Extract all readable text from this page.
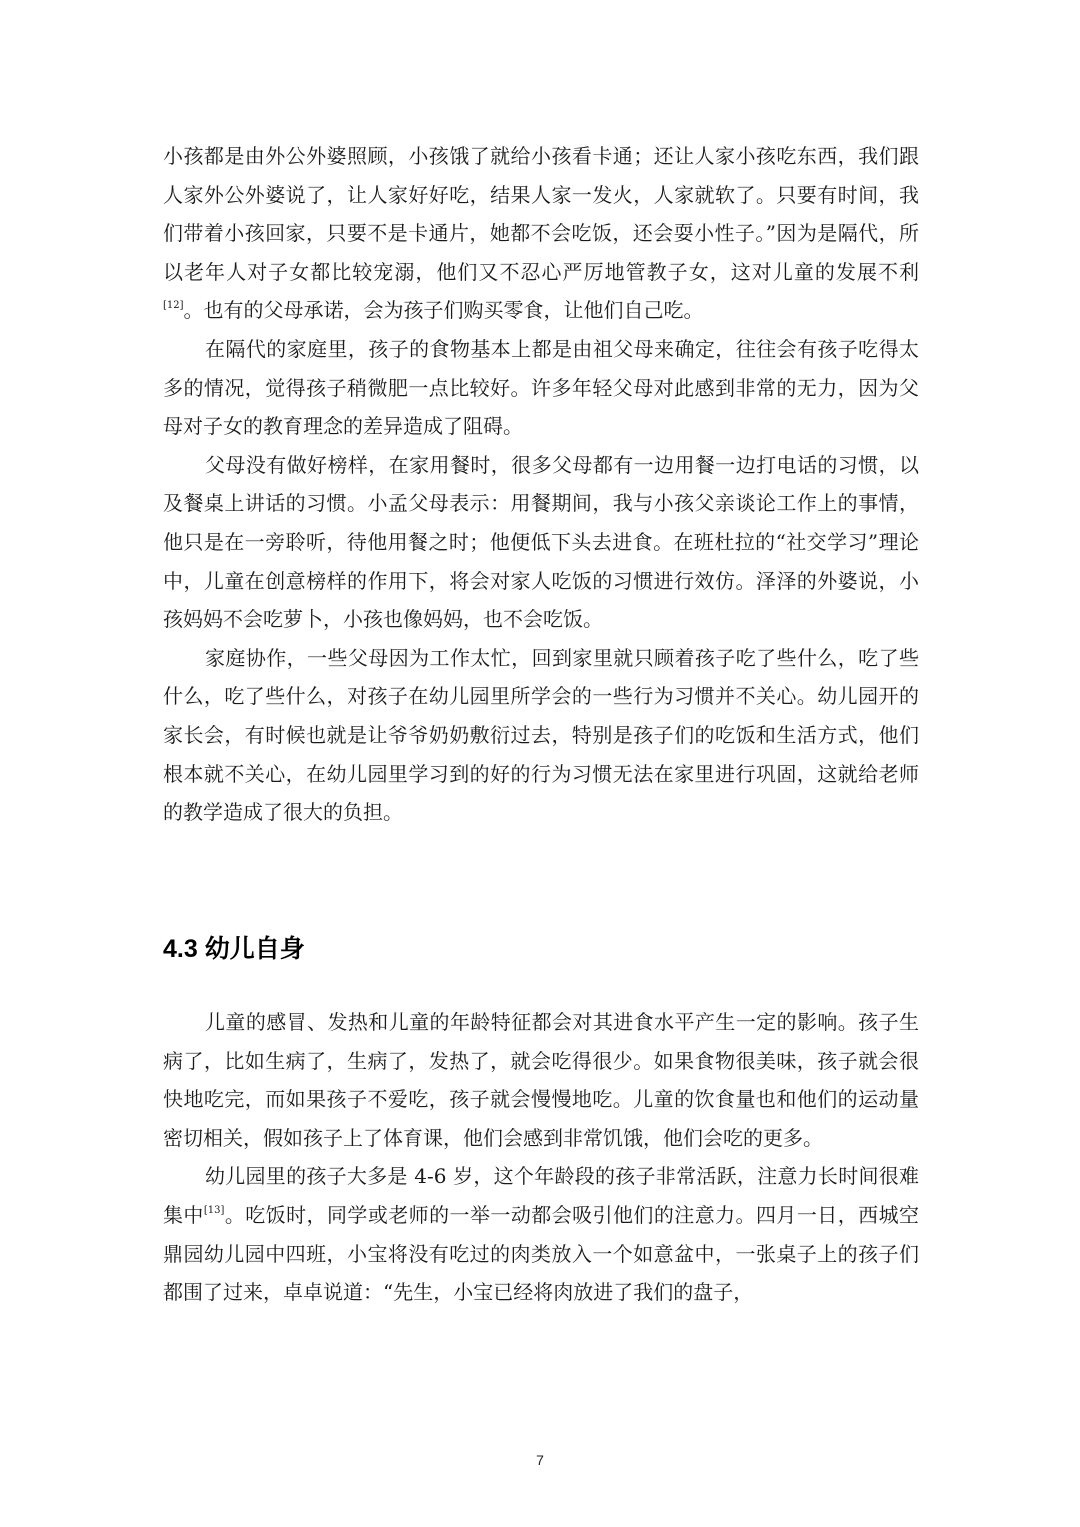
小孩都是由外公外婆照顾，小孩饿了就给小孩看卡通；还让人家小孩吃东西，我们跟人家外公外婆说了，让人家好好吃，结果人家一发火，人家就软了。只要有时间，我们带着小孩回家，只要不是卡通片，她都不会吃饭，还会耍小性子。”因为是隔代，所以老年人对子女都比较宠溺，他们又不忍心严厉地管教子女，这对儿童的发展不利[12]。也有的父母承诺，会为孩子们购买零食，让他们自己吃。

在隔代的家庭里，孩子的食物基本上都是由祖父母来确定，往往会有孩子吃得太多的情况，觉得孩子稍微肥一点比较好。许多年轻父母对此感到非常的无力，因为父母对子女的教育理念的差异造成了阻碍。

父母没有做好榜样，在家用餐时，很多父母都有一边用餐一边打电话的习惯，以及餐桌上讲话的习惯。小孟父母表示：用餐期间，我与小孩父亲谈论工作上的事情，他只是在一旁聆听，待他用餐之时；他便低下头去进食。在班杜拉的“社交学习”理论中，儿童在创意榜样的作用下，将会对家人吃饭的习惯进行效仿。泽泽的外婆说，小孩妈妈不会吃萝卜，小孩也像妈妈，也不会吃饭。

家庭协作，一些父母因为工作太忙，回到家里就只顾着孩子吃了些什么，吃了些什么，吃了些什么，对孩子在幼儿园里所学会的一些行为习惯并不关心。幼儿园开的家长会，有时候也就是让爷爷奶奶敷衍过去，特别是孩子们的吃饭和生活方式，他们根本就不关心，在幼儿园里学习到的好的行为习惯无法在家里进行巩固，这就给老师的教学造成了很大的负担。

4.3 幼儿自身

儿童的感冒、发热和儿童的年龄特征都会对其进食水平产生一定的影响。孩子生病了，比如生病了，生病了，发热了，就会吃得很少。如果食物很美味，孩子就会很快地吃完，而如果孩子不爱吃，孩子就会慢慢地吃。儿童的饮食量也和他们的运动量密切相关，假如孩子上了体育课，他们会感到非常饥饿，他们会吃的更多。

幼儿园里的孩子大多是 4-6 岁，这个年龄段的孩子非常活跃，注意力长时间很难集中[13]。吃饭时，同学或老师的一举一动都会吸引他们的注意力。四月一日，西城空鼎园幼儿园中四班，小宝将没有吃过的肉类放入一个如意盆中，一张桌子上的孩子们都围了过来，卓卓说道：“先生，小宝已经将肉放进了我们的盘子，

7
